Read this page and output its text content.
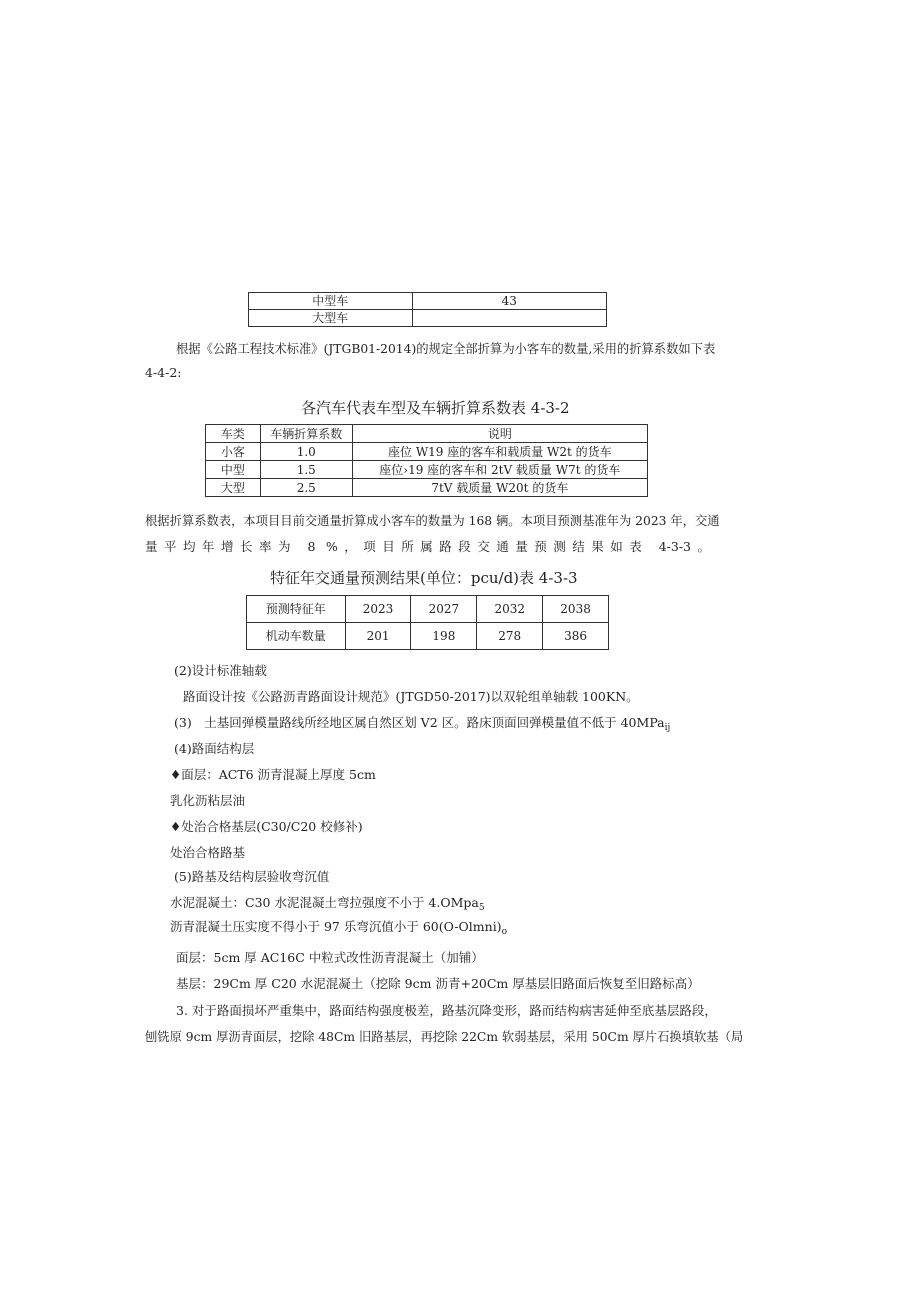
中型车	43
大型车	
根据《公路工程技术标准》(JTGB01-2014)的规定全部折算为小客车的数量,采用的折算系数如下表
4-4-2:
各汽车代表车型及车辆折算系数表 4-3-2
车类	车辆折算系数	说明
小客	1.0	座位 W19 座的客车和载质量 W2t 的货车
中型	1.5	座位›19 座的客车和 2tV 载质量 W7t 的货车
大型	2.5	7tV 载质量 W20t 的货车
根据折算系数表，本项目目前交通量折算成小客车的数量为 168 辆。本项目预测基准年为 2023 年，交通
量平均年增长率为 8 %，项目所属路段交通量预测结果如表 4-3-3。
特征年交通量预测结果(单位：pcu/d)表 4-3-3
预测特征年	2023	2027	2032	2038
机动车数量	201	198	278	386
(2)设计标准轴载
路面设计按《公路沥青路面设计规范》(JTGD50-2017)以双轮组单轴载 100KN。
(3)　土基回弹模量路线所经地区属自然区划 V2 区。路床顶面回弹模量值不低于 40MPa$_{ij}$
(4)路面结构层
♦面层：ACT6 沥青混凝上厚度 5cm
乳化沥粘层油
♦处治合格基层(C30/C20 校修补)
处治合格路基
(5)路基及结构层验收弯沉值
水泥混凝土：C30 水泥混凝土弯拉强度不小于 4.OMpa$_5$
沥青混凝土压实度不得小于 97 乐弯沉值小于 $60(O-Olmni)_o$
面层：5cm 厚 AC16C 中粒式改性沥青混凝土（加铺）
基层：29Cm 厚 C20 水泥混凝土（挖除 9cm 沥青+20Cm 厚基层旧路面后恢复至旧路标高）
3. 对于路面损坏严重集中，路面结构强度极差，路基沉降变形，路而结构病害延伸至底基层路段，
刨铣原 9cm 厚沥青面层，挖除 48Cm 旧路基层，再挖除 22Cm 软弱基层，采用 50Cm 厚片石换填软基（局
